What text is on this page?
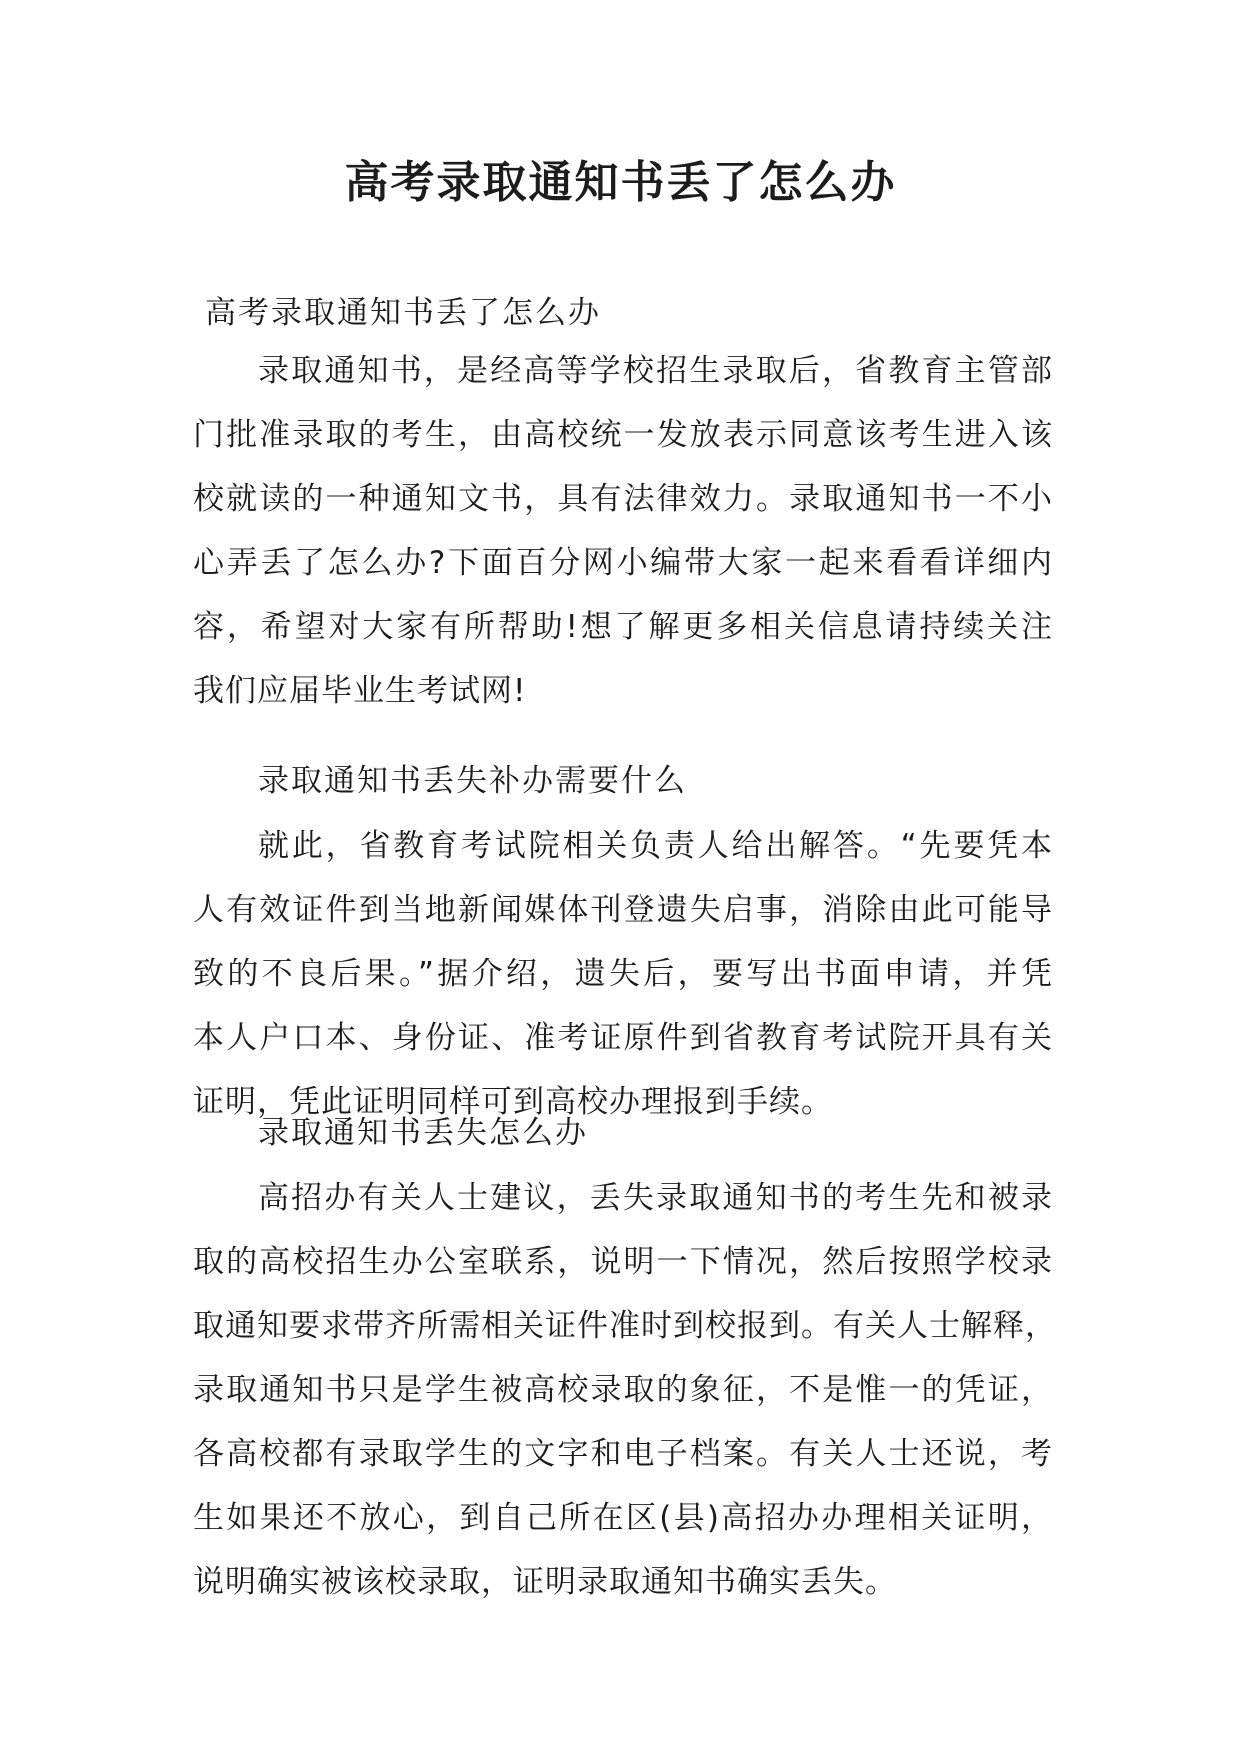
高考录取通知书丢了怎么办
高考录取通知书丢了怎么办
录取通知书，是经高等学校招生录取后，省教育主管部
门批准录取的考生，由高校统一发放表示同意该考生进入该
校就读的一种通知文书，具有法律效力。录取通知书一不小
心弄丢了怎么办?下面百分网小编带大家一起来看看详细内
容，希望对大家有所帮助!想了解更多相关信息请持续关注
我们应届毕业生考试网!
录取通知书丢失补办需要什么
就此，省教育考试院相关负责人给出解答。“先要凭本
人有效证件到当地新闻媒体刊登遗失启事，消除由此可能导
致的不良后果。”据介绍，遗失后，要写出书面申请，并凭
本人户口本、身份证、准考证原件到省教育考试院开具有关
证明，凭此证明同样可到高校办理报到手续。
录取通知书丢失怎么办
高招办有关人士建议，丢失录取通知书的考生先和被录
取的高校招生办公室联系，说明一下情况，然后按照学校录
取通知要求带齐所需相关证件准时到校报到。有关人士解释，
录取通知书只是学生被高校录取的象征，不是惟一的凭证，
各高校都有录取学生的文字和电子档案。有关人士还说，考
生如果还不放心，到自己所在区(县)高招办办理相关证明，
说明确实被该校录取，证明录取通知书确实丢失。
